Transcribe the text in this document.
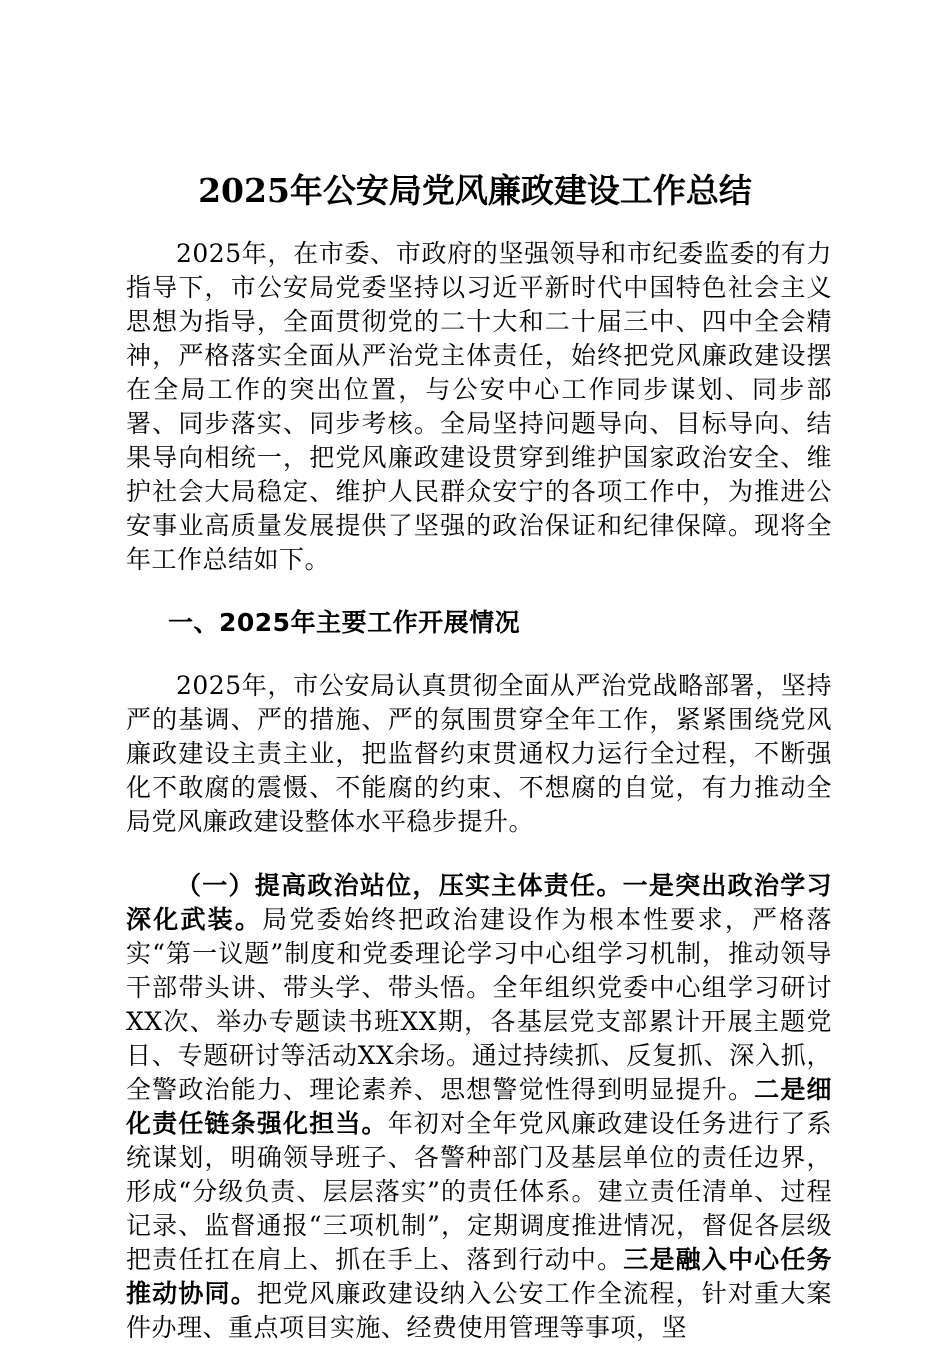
2025年公安局党风廉政建设工作总结

2025年，在市委、市政府的坚强领导和市纪委监委的有力指导下，市公安局党委坚持以习近平新时代中国特色社会主义思想为指导，全面贯彻党的二十大和二十届三中、四中全会精神，严格落实全面从严治党主体责任，始终把党风廉政建设摆在全局工作的突出位置，与公安中心工作同步谋划、同步部署、同步落实、同步考核。全局坚持问题导向、目标导向、结果导向相统一，把党风廉政建设贯穿到维护国家政治安全、维护社会大局稳定、维护人民群众安宁的各项工作中，为推进公安事业高质量发展提供了坚强的政治保证和纪律保障。现将全年工作总结如下。

一、2025年主要工作开展情况

2025年，市公安局认真贯彻全面从严治党战略部署，坚持严的基调、严的措施、严的氛围贯穿全年工作，紧紧围绕党风廉政建设主责主业，把监督约束贯通权力运行全过程，不断强化不敢腐的震慑、不能腐的约束、不想腐的自觉，有力推动全局党风廉政建设整体水平稳步提升。

（一）提高政治站位，压实主体责任。一是突出政治学习深化武装。局党委始终把政治建设作为根本性要求，严格落实“第一议题”制度和党委理论学习中心组学习机制，推动领导干部带头讲、带头学、带头悟。全年组织党委中心组学习研讨XX次、举办专题读书班XX期，各基层党支部累计开展主题党日、专题研讨等活动XX余场。通过持续抓、反复抓、深入抓，全警政治能力、理论素养、思想警觉性得到明显提升。二是细化责任链条强化担当。年初对全年党风廉政建设任务进行了系统谋划，明确领导班子、各警种部门及基层单位的责任边界，形成“分级负责、层层落实”的责任体系。建立责任清单、过程记录、监督通报“三项机制”，定期调度推进情况，督促各层级把责任扛在肩上、抓在手上、落到行动中。三是融入中心任务推动协同。把党风廉政建设纳入公安工作全流程，针对重大案件办理、重点项目实施、经费使用管理等事项，坚
